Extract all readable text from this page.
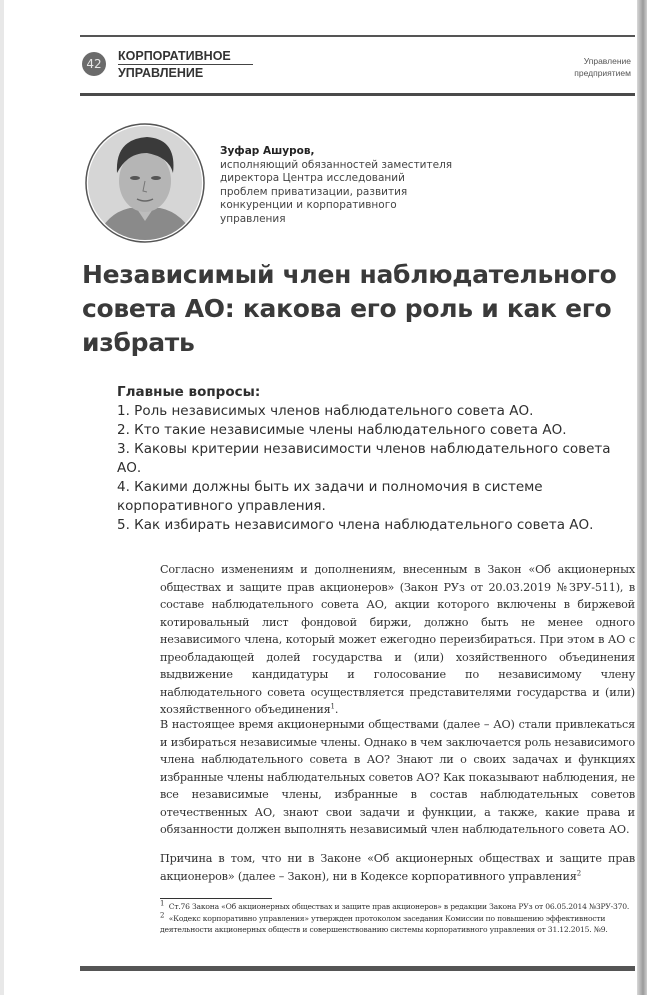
42
КОРПОРАТИВНОЕ
УПРАВЛЕНИЕ
Управление
предприятием
Зуфар Ашуров,
исполняющий обязанностей заместителя
директора Центра исследований
проблем приватизации, развития
конкуренции и корпоративного
управления
Независимый член наблюдательного совета АО: какова его роль и как его избрать
Главные вопросы:
1. Роль независимых членов наблюдательного совета АО.
2. Кто такие независимые члены наблюдательного совета АО.
3. Каковы критерии независимости членов наблюдательного совета АО.
4. Какими должны быть их задачи и полномочия в системе корпоративного управления.
5. Как избирать независимого члена наблюдательного совета АО.

Согласно изменениям и дополнениям, внесенным в Закон «Об акционерных обществах и защите прав акционеров» (Закон РУз от 20.03.2019 №ЗРУ-511), в составе наблюдательного совета АО, акции которого включены в биржевой котировальный лист фондовой биржи, должно быть не менее одного независимого члена, который может ежегодно переизбираться. При этом в АО с преобладающей долей государства и (или) хозяйственного объединения выдвижение кандидатуры и голосование по независимому члену наблюдательного совета осуществляется представителями государства и (или) хозяйственного объединения$^1$.

В настоящее время акционерными обществами (далее – АО) стали привлекаться и избираться независимые члены. Однако в чем заключается роль независимого члена наблюдательного совета в АО? Знают ли о своих задачах и функциях избранные члены наблюдательных советов АО? Как показывают наблюдения, не все независимые члены, избранные в состав наблюдательных советов отечественных АО, знают свои задачи и функции, а также, какие права и обязанности должен выполнять независимый член наблюдательного совета АО.

Причина в том, что ни в Законе «Об акционерных обществах и защите прав акционеров» (далее – Закон), ни в Кодексе корпоративного управления$^2$

$^1$ Ст.76 Закона «Об акционерных обществах и защите прав акционеров» в редакции Закона РУз от 06.05.2014 №ЗРУ-370.
$^2$ «Кодекс корпоративно управления» утвержден протоколом заседания Комиссии по повышению эффективности деятельности акционерных обществ и совершенствованию системы корпоративного управления от 31.12.2015. №9.
